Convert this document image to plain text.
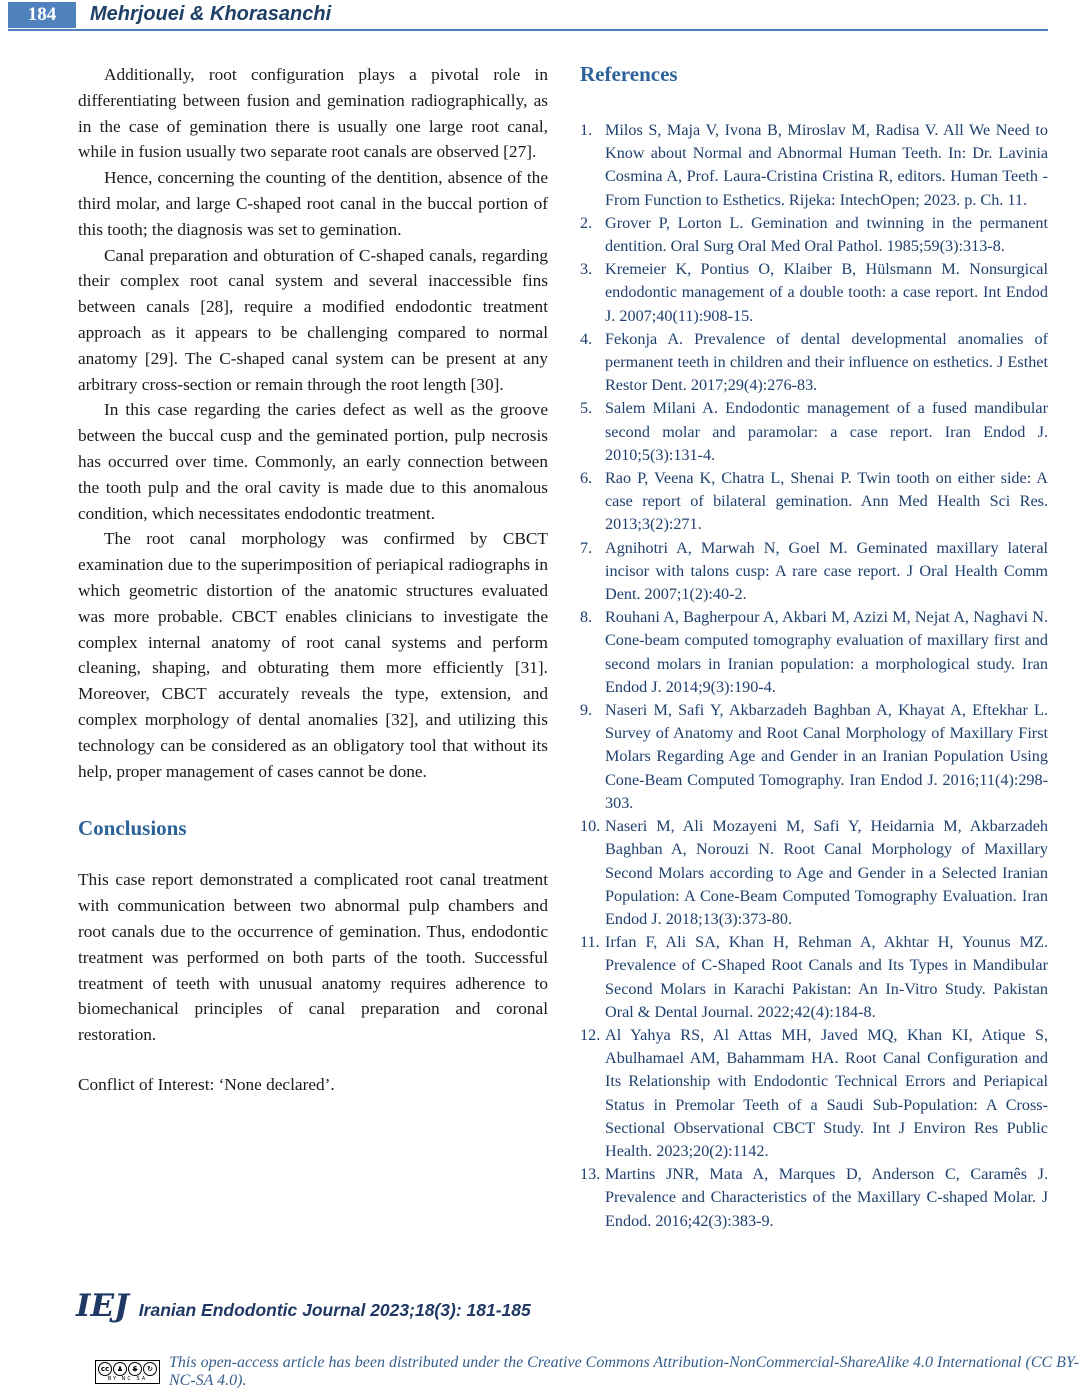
184 Mehrjouei & Khorasanchi

Additionally, root configuration plays a pivotal role in differentiating between fusion and gemination radiographically, as in the case of gemination there is usually one large root canal, while in fusion usually two separate root canals are observed [27].

Hence, concerning the counting of the dentition, absence of the third molar, and large C-shaped root canal in the buccal portion of this tooth; the diagnosis was set to gemination.

Canal preparation and obturation of C-shaped canals, regarding their complex root canal system and several inaccessible fins between canals [28], require a modified endodontic treatment approach as it appears to be challenging compared to normal anatomy [29]. The C-shaped canal system can be present at any arbitrary cross-section or remain through the root length [30].

In this case regarding the caries defect as well as the groove between the buccal cusp and the geminated portion, pulp necrosis has occurred over time. Commonly, an early connection between the tooth pulp and the oral cavity is made due to this anomalous condition, which necessitates endodontic treatment.

The root canal morphology was confirmed by CBCT examination due to the superimposition of periapical radiographs in which geometric distortion of the anatomic structures evaluated was more probable. CBCT enables clinicians to investigate the complex internal anatomy of root canal systems and perform cleaning, shaping, and obturating them more efficiently [31]. Moreover, CBCT accurately reveals the type, extension, and complex morphology of dental anomalies [32], and utilizing this technology can be considered as an obligatory tool that without its help, proper management of cases cannot be done.

Conclusions

This case report demonstrated a complicated root canal treatment with communication between two abnormal pulp chambers and root canals due to the occurrence of gemination. Thus, endodontic treatment was performed on both parts of the tooth. Successful treatment of teeth with unusual anatomy requires adherence to biomechanical principles of canal preparation and coronal restoration.

Conflict of Interest: ‘None declared’.

References
1. Milos S, Maja V, Ivona B, Miroslav M, Radisa V. All We Need to Know about Normal and Abnormal Human Teeth. In: Dr. Lavinia Cosmina A, Prof. Laura-Cristina Cristina R, editors. Human Teeth - From Function to Esthetics. Rijeka: IntechOpen; 2023. p. Ch. 11.
2. Grover P, Lorton L. Gemination and twinning in the permanent dentition. Oral Surg Oral Med Oral Pathol. 1985;59(3):313-8.
3. Kremeier K, Pontius O, Klaiber B, Hülsmann M. Nonsurgical endodontic management of a double tooth: a case report. Int Endod J. 2007;40(11):908-15.
4. Fekonja A. Prevalence of dental developmental anomalies of permanent teeth in children and their influence on esthetics. J Esthet Restor Dent. 2017;29(4):276-83.
5. Salem Milani A. Endodontic management of a fused mandibular second molar and paramolar: a case report. Iran Endod J. 2010;5(3):131-4.
6. Rao P, Veena K, Chatra L, Shenai P. Twin tooth on either side: A case report of bilateral gemination. Ann Med Health Sci Res. 2013;3(2):271.
7. Agnihotri A, Marwah N, Goel M. Geminated maxillary lateral incisor with talons cusp: A rare case report. J Oral Health Comm Dent. 2007;1(2):40-2.
8. Rouhani A, Bagherpour A, Akbari M, Azizi M, Nejat A, Naghavi N. Cone-beam computed tomography evaluation of maxillary first and second molars in Iranian population: a morphological study. Iran Endod J. 2014;9(3):190-4.
9. Naseri M, Safi Y, Akbarzadeh Baghban A, Khayat A, Eftekhar L. Survey of Anatomy and Root Canal Morphology of Maxillary First Molars Regarding Age and Gender in an Iranian Population Using Cone-Beam Computed Tomography. Iran Endod J. 2016;11(4):298-303.
10. Naseri M, Ali Mozayeni M, Safi Y, Heidarnia M, Akbarzadeh Baghban A, Norouzi N. Root Canal Morphology of Maxillary Second Molars according to Age and Gender in a Selected Iranian Population: A Cone-Beam Computed Tomography Evaluation. Iran Endod J. 2018;13(3):373-80.
11. Irfan F, Ali SA, Khan H, Rehman A, Akhtar H, Younus MZ. Prevalence of C-Shaped Root Canals and Its Types in Mandibular Second Molars in Karachi Pakistan: An In-Vitro Study. Pakistan Oral & Dental Journal. 2022;42(4):184-8.
12. Al Yahya RS, Al Attas MH, Javed MQ, Khan KI, Atique S, Abulhamael AM, Bahammam HA. Root Canal Configuration and Its Relationship with Endodontic Technical Errors and Periapical Status in Premolar Teeth of a Saudi Sub-Population: A Cross-Sectional Observational CBCT Study. Int J Environ Res Public Health. 2023;20(2):1142.
13. Martins JNR, Mata A, Marques D, Anderson C, Caramês J. Prevalence and Characteristics of the Maxillary C-shaped Molar. J Endod. 2016;42(3):383-9.
IEJ Iranian Endodontic Journal 2023;18(3): 181-185
cc	♟	$	↻
BY NC SA
This open-access article has been distributed under the Creative Commons Attribution-NonCommercial-ShareAlike 4.0 International (CC BY-NC-SA 4.0).
